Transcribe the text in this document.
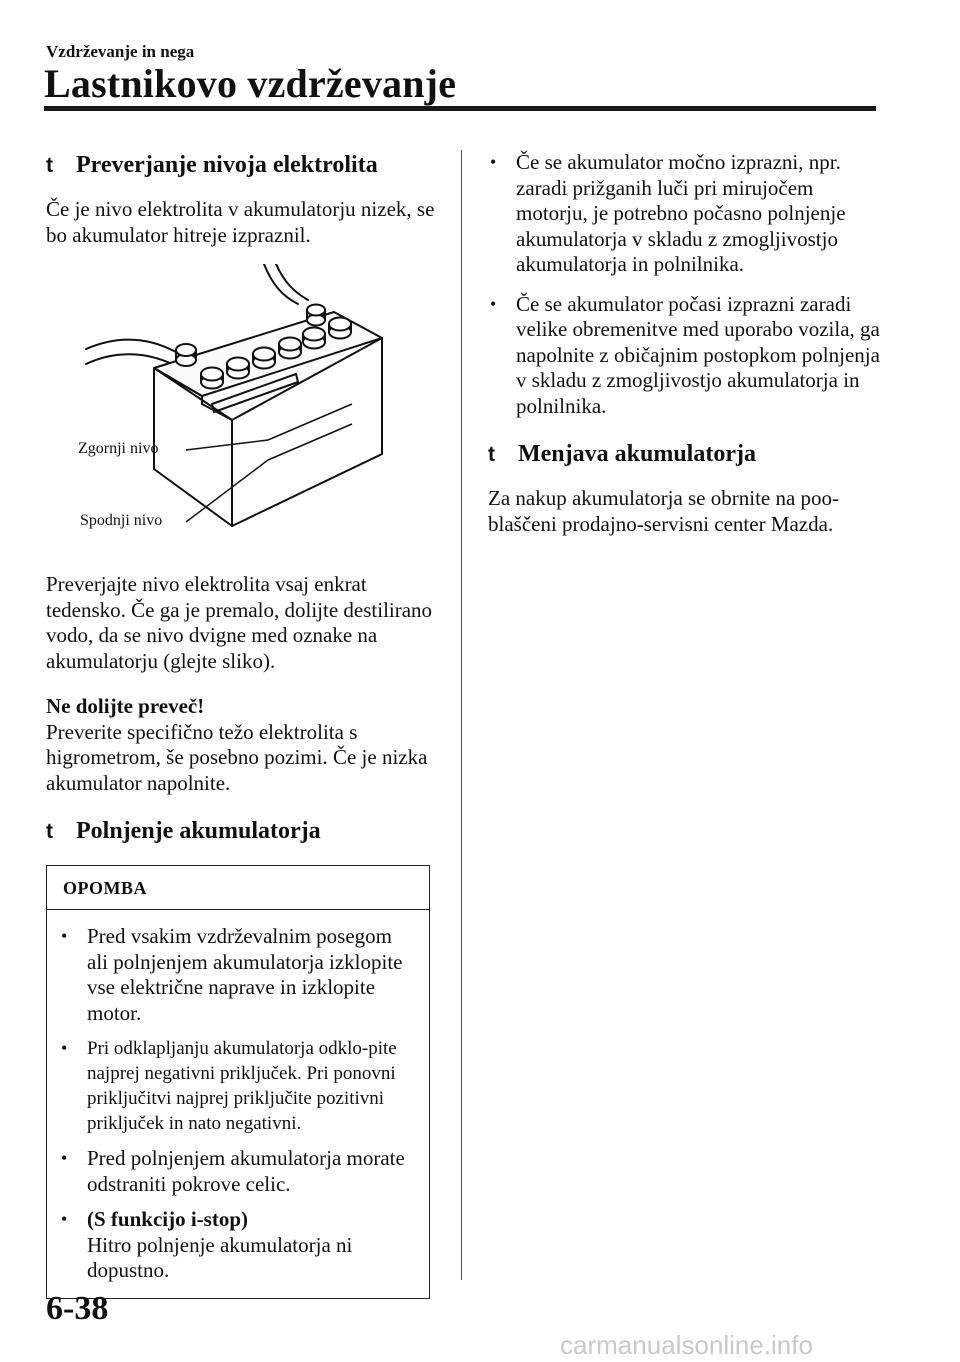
Vzdrževanje in nega
Lastnikovo vzdrževanje
t Preverjanje nivoja elektrolita

Če je nivo elektrolita v akumulatorju nizek, se bo akumulator hitreje izpraznil.

Zgornji nivo
Spodnji nivo

Preverjajte nivo elektrolita vsaj enkrat tedensko. Če ga je premalo, dolijte destilirano vodo, da se nivo dvigne med oznake na akumulatorju (glejte sliko).

Ne dolijte preveč!

Preverite specifično težo elektrolita s higrometrom, še posebno pozimi. Če je nizka akumulator napolnite.

t Polnjenje akumulatorja
OPOMBA
• Pred vsakim vzdrževalnim posegom ali polnjenjem akumulatorja izklopite vse električne naprave in izklopite motor.
•	Pri odklapljanju akumulatorja odklo-pite najprej negativni priključek. Pri ponovni priključitvi najprej priključite pozitivni priključek in nato negativni.
• Pred polnjenjem akumulatorja morate odstraniti pokrove celic.
• (S funkcijo i-stop)
Hitro polnjenje akumulatorja ni dopustno.
• Če se akumulator močno izprazni, npr. zaradi prižganih luči pri mirujočem motorju, je potrebno počasno polnjenje akumulatorja v skladu z zmogljivostjo akumulatorja in polnilnika.
• Če se akumulator počasi izprazni zaradi velike obremenitve med uporabo vozila, ga napolnite z običajnim postopkom polnjenja v skladu z zmogljivostjo akumulatorja in polnilnika.
t Menjava akumulatorja

Za nakup akumulatorja se obrnite na poo-blaščeni prodajno-servisni center Mazda.

6-38
carmanualsonline.info
